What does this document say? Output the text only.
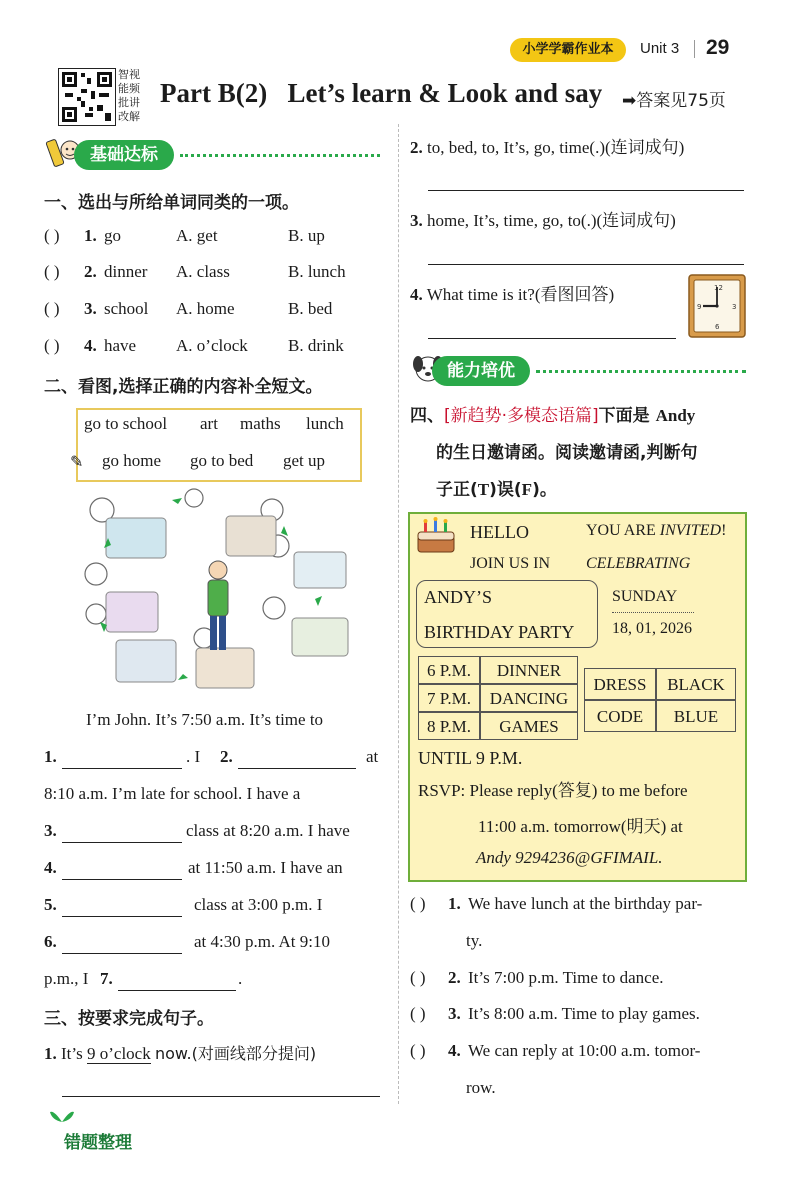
小学学霸作业本	Unit 3 29
智视
能频
批讲
改解
Part B(2)   Let’s learn & Look and say ➡答案见75页
基础达标
一、选出与所给单词同类的一项。
( ) 1. go	A. get	B. up
( ) 2. dinner A. class	B. lunch
( ) 3. school A. home	B. bed
( ) 4. have A. o’clock B. drink
二、看图,选择正确的内容补全短文。
go to school art maths lunch
go home go to bed get up
✎
I’m John. It’s 7:50 a.m. It’s time to
1.	. I 2.	at
8:10 a.m. I’m late for school. I have a
3.	class at 8:20 a.m. I have
4.	at 11:50 a.m. I have an
5.	class at 3:00 p.m. I
6.	at 4:30 p.m. At 9:10
p.m., I 7.	.
三、按要求完成句子。
1. It’s 9 o’clock now.(对画线部分提问)
错题整理
2. to, bed, to, It’s, go, time(.)(连词成句)
3. home, It’s, time, go, to(.)(连词成句)
4. What time is it?(看图回答)	12
3
6
9
能力培优
四、[新趋势·多模态语篇]下面是 Andy
的生日邀请函。阅读邀请函,判断句
子正(T)误(F)。
HELLO	YOU ARE INVITED!
JOIN US IN CELEBRATING
ANDY’S
BIRTHDAY PARTY
SUNDAY
18, 01, 2026
6 P.M.	DINNER
7 P.M.	DANCING
8 P.M.	GAMES
DRESS	BLACK
CODE	BLUE
UNTIL 9 P.M.
RSVP: Please reply(答复) to me before
11:00 a.m. tomorrow(明天) at
Andy 9294236@GFIMAIL.
( ) 1. We have lunch at the birthday par-
ty.
( ) 2. It’s 7:00 p.m. Time to dance.
( ) 3. It’s 8:00 a.m. Time to play games.
( ) 4. We can reply at 10:00 a.m. tomor-
row.
